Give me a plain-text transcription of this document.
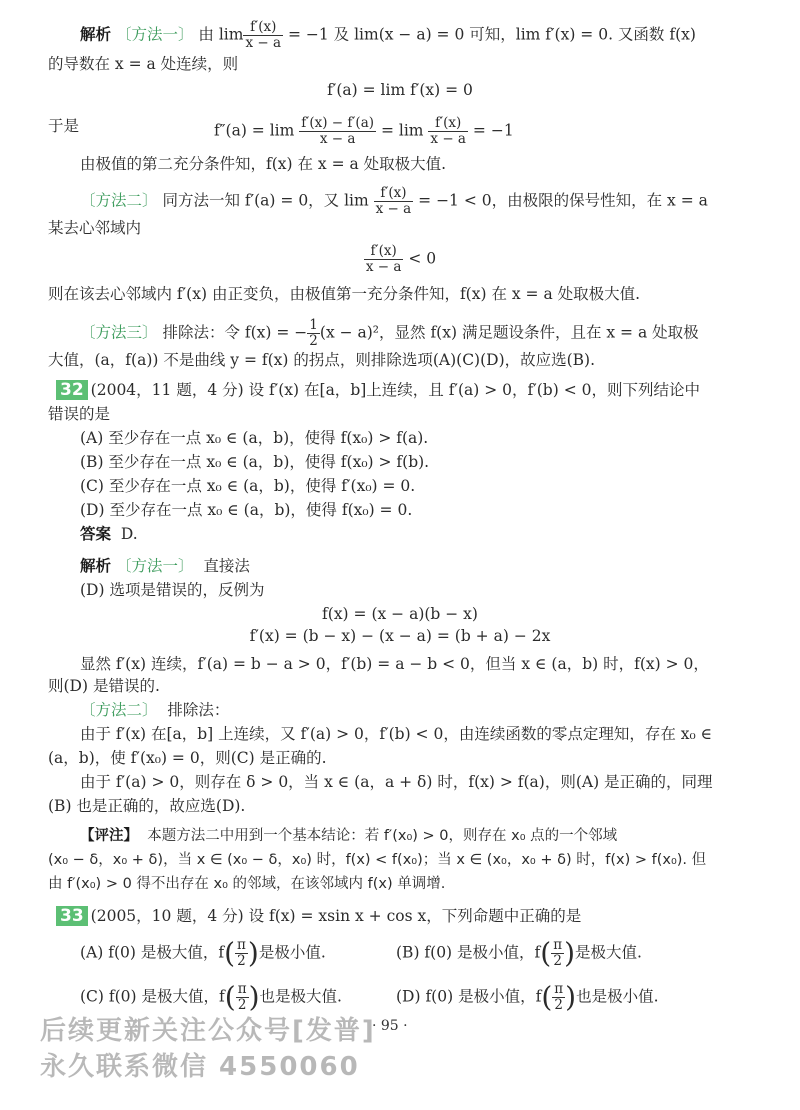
解析 〔方法一〕 由 $\lim \frac{f'(x)}{x - a} = -1$ 及 lim(x − a) = 0 可知，lim f′(x) = 0. 又函数 f(x)
的导数在 x = a 处连续，则
f′(a) = lim f′(x) = 0
于是	$f''(a) = \lim \frac{f'(x) - f'(a)}{x - a} = \lim \frac{f'(x)}{x - a} = -1$
由极值的第二充分条件知，f(x) 在 x = a 处取极大值.
〔方法二〕 同方法一知 f′(a) = 0，又 $\lim \frac{f'(x)}{x - a} = -1 < 0$，由极限的保号性知，在 x = a
某去心邻域内
$\frac{f'(x)}{x - a} < 0$
则在该去心邻域内 f′(x) 由正变负，由极值第一充分条件知，f(x) 在 x = a 处取极大值.
〔方法三〕 排除法：令 f(x) = − $\frac{1}{2} (x - a)^2$，显然 f(x) 满足题设条件，且在 x = a 处取极
大值，(a，f(a)) 不是曲线 y = f(x) 的拐点，则排除选项(A)(C)(D)，故应选(B).
32 (2004，11 题，4 分) 设 f′(x) 在[a，b]上连续，且 f′(a) > 0，f′(b) < 0，则下列结论中
错误的是
(A) 至少存在一点 x₀ ∈ (a，b)，使得 f(x₀) > f(a).
(B) 至少存在一点 x₀ ∈ (a，b)，使得 f(x₀) > f(b).
(C) 至少存在一点 x₀ ∈ (a，b)，使得 f′(x₀) = 0.
(D) 至少存在一点 x₀ ∈ (a，b)，使得 f(x₀) = 0.
答案 D.
解析 〔方法一〕 直接法
(D) 选项是错误的，反例为
f(x) = (x − a)(b − x)
f′(x) = (b − x) − (x − a) = (b + a) − 2x
显然 f′(x) 连续，f′(a) = b − a > 0，f′(b) = a − b < 0，但当 x ∈ (a，b) 时，f(x) > 0，
则(D) 是错误的.
〔方法二〕 排除法：
由于 f′(x) 在[a，b] 上连续，又 f′(a) > 0，f′(b) < 0，由连续函数的零点定理知，存在 x₀ ∈
(a，b)，使 f′(x₀) = 0，则(C) 是正确的.
由于 f′(a) > 0，则存在 δ > 0，当 x ∈ (a，a + δ) 时，f(x) > f(a)，则(A) 是正确的，同理
(B) 也是正确的，故应选(D).
【评注】 本题方法二中用到一个基本结论：若 f′(x₀) > 0，则存在 x₀ 点的一个邻域
(x₀ − δ，x₀ + δ)，当 x ∈ (x₀ − δ，x₀) 时，f(x) < f(x₀)；当 x ∈ (x₀，x₀ + δ) 时，f(x) > f(x₀). 但
由 f′(x₀) > 0 得不出存在 x₀ 的邻域，在该邻域内 f(x) 单调增.
33 (2005，10 题，4 分) 设 f(x) = xsin x + cos x，下列命题中正确的是
(A) f(0) 是极大值，$f( \frac{\pi}{2}$ )是极小值.	(B) f(0) 是极小值，$f( \frac{\pi}{2}$ )是极大值.
(C) f(0) 是极大值，$f( \frac{\pi}{2}$ )也是极大值.	(D) f(0) 是极小值，$f( \frac{\pi}{2}$ )也是极小值.
· 95 ·
后续更新关注公众号[发普]
永久联系微信 4550060
